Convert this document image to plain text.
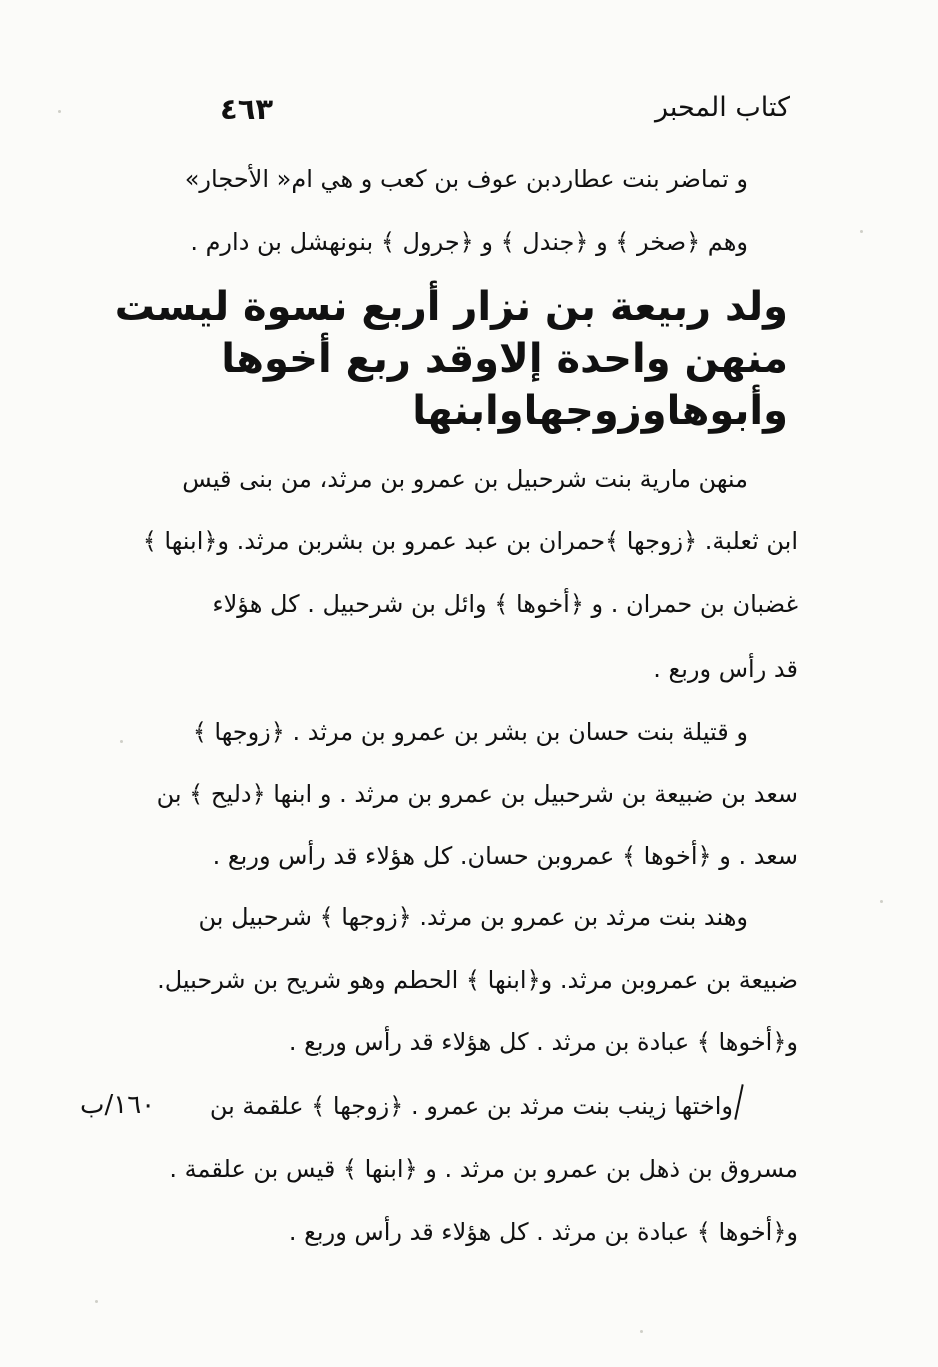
كتاب المحبر
٤٦٣
و تماضر بنت عطاردبن عوف بن كعب و هي ام« الأحجار»
وهم ﴿صخر ﴾ و ﴿جندل ﴾ و ﴿جرول ﴾ بنونهشل بن دارم .
ولد ربيعة بن نزار أربع نسوة ليست
منهن واحدة إلاوقد ربع أخوها
وأبوهاوزوجهاوابنها
منهن مارية بنت شرحبيل بن عمرو بن مرثد، من بنى قيس
ابن ثعلبة. ﴿زوجها ﴾حمران بن عبد عمرو بن بشربن مرثد. و﴿ابنها ﴾
غضبان بن حمران . و ﴿أخوها ﴾ وائل بن شرحبيل . كل هؤلاء
قد رأس وربع .
و قتيلة بنت حسان بن بشر بن عمرو بن مرثد . ﴿زوجها ﴾
سعد بن ضبيعة بن شرحبيل بن عمرو بن مرثد . و ابنها ﴿دليح ﴾ بن
سعد . و ﴿أخوها ﴾ عمروبن حسان. كل هؤلاء قد رأس وربع .
وهند بنت مرثد بن عمرو بن مرثد. ﴿زوجها ﴾ شرحبيل بن
ضبيعة بن عمروبن مرثد. و﴿ابنها ﴾ الحطم وهو شريح بن شرحبيل.
و﴿أخوها ﴾ عبادة بن مرثد . كل هؤلاء قد رأس وربع .
واختها زينب بنت مرثد بن عمرو . ﴿زوجها ﴾ علقمة بن
مسروق بن ذهل بن عمرو بن مرثد . و ﴿ابنها ﴾ قيس بن علقمة .
و﴿أخوها ﴾ عبادة بن مرثد . كل هؤلاء قد رأس وربع .
١٦٠/ب
